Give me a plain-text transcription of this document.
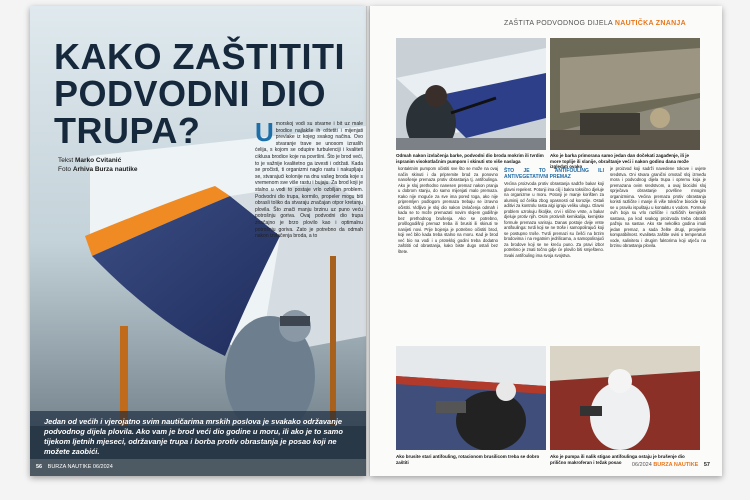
KAKO ZAŠTITITI PODVODNI DIO TRUPA?
Tekst Marko Cvitanić
Foto Arhiva Burza nautike
Umorskoj vodi su stvarne i bit uz male brodice najlakše ih oštetiti i mijenjati prevlake iz kojeg svakog načina. Ovo stvaranje trave se unosom izraslih ćelija, s kojom se odupire turbulenciji i kvaliteti ciklusa brodice koje na površini. Što je brod veći, to je važnije kvalitetno ga izvesti i održati. Kada se pročisti, ti organizmi naglo rastu i nakupljaju se, stvarajući kolonije na dnu vašeg broda koje s vremenom sve više rastu i bujaju. Za brod koji je stalno u vodi to postaje vrlo ozbiljan problem. Podvodni dio trupa, kormilo, propeler mogu biti obrasli toliko da stvaraju značajan otpor kretanju plovila. Što znači manju brzinu uz puno veću potrošnju goriva. Ovaj podvodni dio trupa značajno je brzo plovilo kao i optimalnu potrošnju goriva. Zato je potrebno da odmah nakon izvlačenja broda, a to

Jedan od većih i vjerojatno svim nautičarima mrskih poslova je svakako održavanje podvodnog dijela plovila. Ako vam je brod veći dio godine u moru, ili ako je to samo tijekom ljetnih mjeseci, održavanje trupa i borba protiv obrastanja je posao koji ne možete zaobići.

56 BURZA NAUTIKE 06/2024
ZAŠTITA PODVODNOG DIJELA NAUTIČKA ZNANJA
Odmah nakon izvlačenja barke, podvodni dio broda mokrim ili tvrdim ispranim visokotlačnim pumpom i skinuti sto više naslaga
Ako je barka primorana samo jedan dan dočekati zagađenje, ili je more toplije ili slanije, obraštanje veći i nakon godinu dana može izgledati ovako
kontaktnim pumpom očistiti sve što se može na ovaj način skinuti i da pripremite brod za ponovno nanošenje premaza protiv obrastanja tj. antifoulinga. Ako je sloj prethodno nanesen premaz nakon pranja u dobrom stanju, do samo mijenjati malo premaza. Kako nije moguće za sve ima pored toga, ako nije pripremljen podlogom premaza trebaju se izravno očistiti. Vidljivo je sloj dio nakon izvlačenja odmah i kada se to može premazati novim slojem godišnje bez prethodnog brušenja. Ako se potrebno, prošlogodišnji premaz treba ili brusiti ili skinuti te nanijeti novi. Prije bojenja je potrebno očistiti brod, koji već bilo kada treba stalno na moru. Kad je brod već bio na vodi i u protekloj godini treba dodatno zaštititi od obrastanja, kako biste dugo ostali bez štete.
ŠTO JE TO ANTIFOULING ILI ANTIVEGETATIVNI PREMAZ
Većina proizvoda protiv obrastanja sadrže bakar koji glavni repelent. Potonji ima cilj i bakra toksično djeluje na organizme u moru. Potonji je manje korišten za aluminij od čelika zbog opasnosti od korozije. Ostali aditivi za kontrolu rasta algi igraju veliku ulogu. Glavni problem uzrokuju školjke, crvi i slične vrste, a bakar djeluje protiv njih. Osim protivnih kemikalija, kemijske formule premaza variraju. Danas postoje dvije vrste antifoulinga: tvrdi koji se ne troše i samopolirajući koji se postupno troše. Tvrdi premazi su češći na brzim brodovima i na regatnim jedrilicama, a samopolirajući za brodove koji se ne kreću puno. Za pravi izbor potrebno je znati točno gdje će plovilo biti smješteno. Svaki antifouling ima svoja svojstva.
je proizvod koji sadrži navedene tokove i uvjete sredstva. Oni stvara granični omotač sloj između mora i podvodnog dijela trupa i opremu koja je premazana ovim sredstvom, a ovaj biocidni sloj sprječava obrastanje površine mnogim organizmima. Većina premaza protiv obrastanja koristi različite i manje ili više toksične biocide koji se u pravilu ispuštaju u kontaktu s vodom. Formule ovih boja su vrlo različite i različitih kemijskih sastava, pa kod svakog proizvoda treba obratiti pažnju na sastav. Ako ste nekoliko godina imali jedan premaz, a sada želite drugi, provjerite kompatibilnost. Kvaliteta zaštite ovisi o temperaturi vode, salinitetu i drugim faktorima koji utječu na brzinu obrastanja plovila.
Ako brusite stari antifouling, rotacionom brusilicom treba se dobro zaštiti
Ako je pumpa ili nalik stigao antifoulinga ostaju je brušenje dio prilično makroferan i težak posao	06/2024 BURZA NAUTIKE 57
